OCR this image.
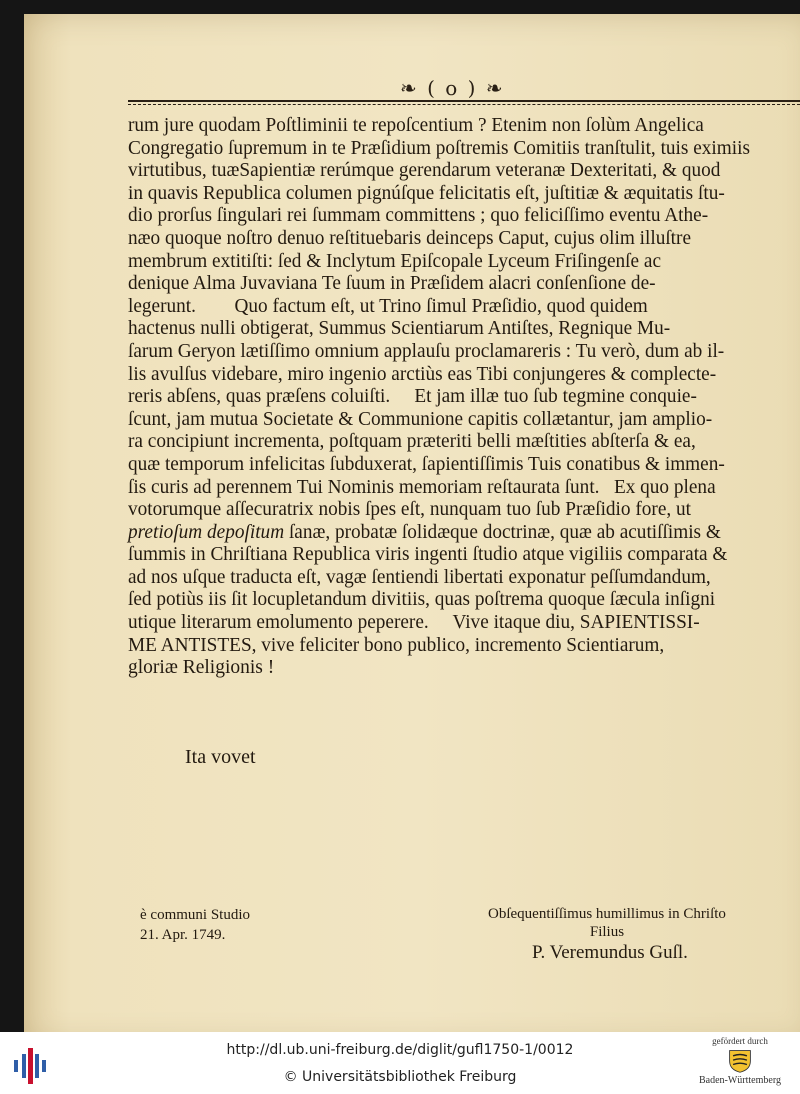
❧ ( o ) ❧
rum jure quodam Poſtliminii te repoſcentium ? Etenim non ſolùm Angelica
Congregatio ſupremum in te Præſidium poſtremis Comitiis tranſtulit, tuis eximiis
virtutibus, tuæSapientiæ rerúmque gerendarum veteranæ Dexteritati, & quod
in quavis Republica columen pignúſque felicitatis eſt, juſtitiæ & æquitatis ſtu-
dio prorſus ſingulari rei ſummam committens ; quo feliciſſimo eventu Athe-
næo quoque noſtro denuo reſtituebaris deinceps Caput, cujus olim illuſtre
membrum extitiſti: ſed & Inclytum Epiſcopale Lyceum Friſingenſe ac
denique Alma Juvaviana Te ſuum in Præſidem alacri conſenſione de-
legerunt.        Quo factum eſt, ut Trino ſimul Præſidio, quod quidem
hactenus nulli obtigerat, Summus Scientiarum Antiſtes, Regnique Mu-
ſarum Geryon lætiſſimo omnium applauſu proclamareris : Tu verò, dum ab il-
lis avulſus videbare, miro ingenio arctiùs eas Tibi conjungeres & complecte-
reris abſens, quas præſens coluiſti.     Et jam illæ tuo ſub tegmine conquie-
ſcunt, jam mutua Societate & Communione capitis collætantur, jam amplio-
ra concipiunt incrementa, poſtquam præteriti belli mæſtities abſterſa & ea,
quæ temporum infelicitas ſubduxerat, ſapientiſſimis Tuis conatibus & immen-
ſis curis ad perennem Tui Nominis memoriam reſtaurata ſunt.   Ex quo plena
votorumque aſſecuratrix nobis ſpes eſt, nunquam tuo ſub Præſidio fore, ut
pretioſum depoſitum ſanæ, probatæ ſolidæque doctrinæ, quæ ab acutiſſimis &
ſummis in Chriſtiana Republica viris ingenti ſtudio atque vigiliis comparata &
ad nos uſque traducta eſt, vagæ ſentiendi libertati exponatur peſſumdandum,
ſed potiùs iis ſit locupletandum divitiis, quas poſtrema quoque ſæcula inſigni
utique literarum emolumento peperere.     Vive itaque diu, SAPIENTISSI-
ME ANTISTES, vive feliciter bono publico, incremento Scientiarum,
gloriæ Religionis !
Ita vovet
è communi Studio
21. Apr. 1749.
Obſequentiſſimus humillimus in Chriſto
Filius
P. Veremundus Guſl.
http://dl.ub.uni-freiburg.de/diglit/gufl1750-1/0012
© Universitätsbibliothek Freiburg
gefördert durch
Baden-Württemberg
